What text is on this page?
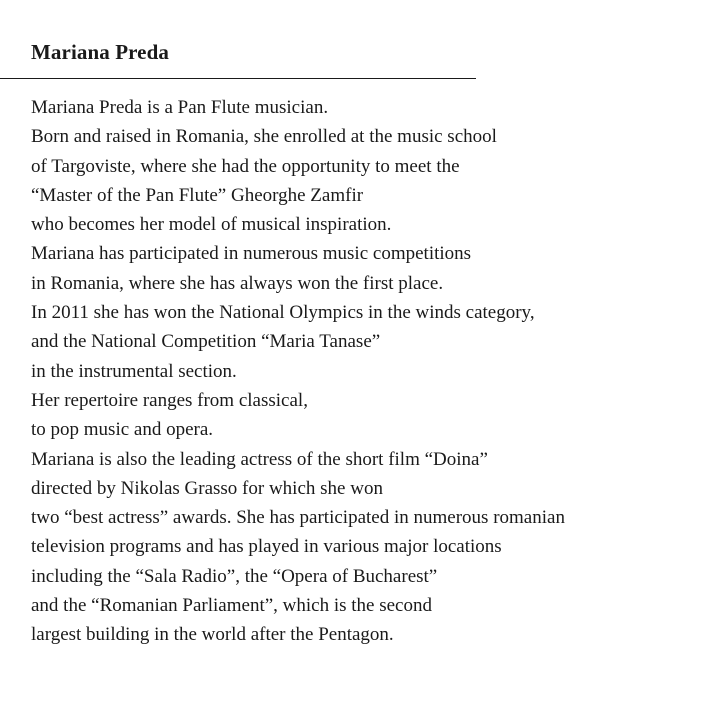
Mariana Preda
Mariana Preda is a Pan Flute musician.
Born and raised in Romania, she enrolled at the music school
of Targoviste, where she had the opportunity to meet the
“Master of the Pan Flute” Gheorghe Zamfir
who becomes her model of musical inspiration.
Mariana has participated in numerous music competitions
in Romania, where she has always won the first place.
In 2011 she has won the National Olympics in the winds category,
and the National Competition “Maria Tanase”
in the instrumental section.
Her repertoire ranges from classical,
to pop music and opera.
Mariana is also the leading actress of the short film “Doina”
directed by Nikolas Grasso for which she won
two “best actress” awards. She has participated in numerous romanian
television programs and has played in various major locations
including the “Sala Radio”, the “Opera of Bucharest”
and the “Romanian Parliament”, which is the second
largest building in the world after the Pentagon.
